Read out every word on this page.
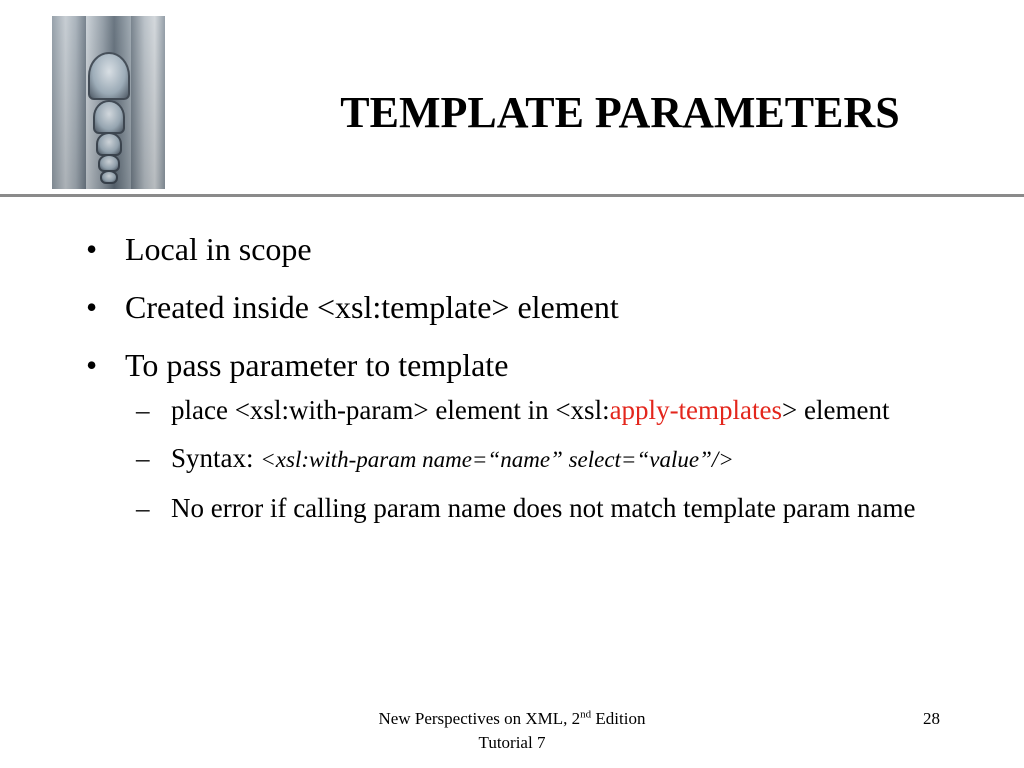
TEMPLATE PARAMETERS
• Local in scope
• Created inside <xsl:template> element
• To pass parameter to template
– place <xsl:with-param> element in <xsl:apply-templates> element
– Syntax: <xsl:with-param name=“name” select=“value”/>
– No error if calling param name does not match template param name
New Perspectives on XML, 2nd Edition
Tutorial 7
28
